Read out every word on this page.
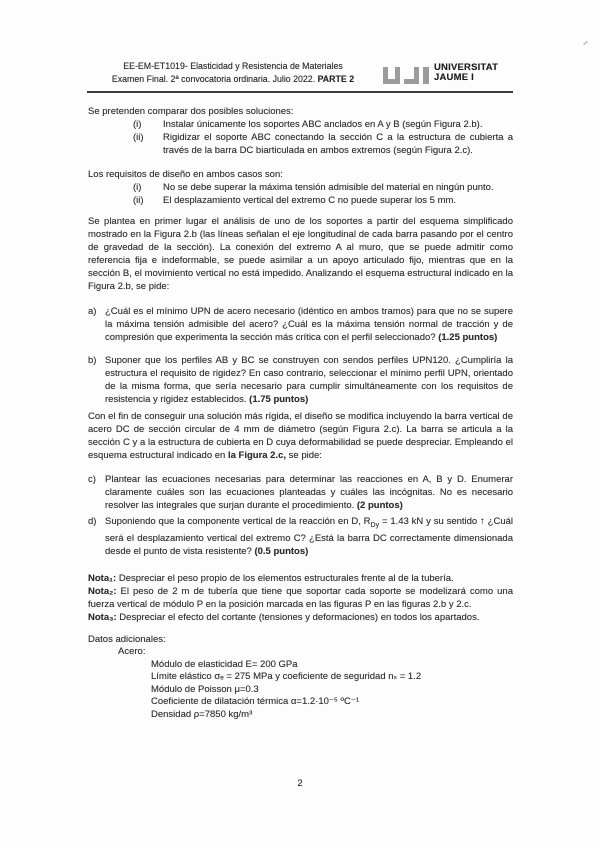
EE-EM-ET1019- Elasticidad y Resistencia de Materiales
Examen Final. 2ª convocatoria ordinaria. Julio 2022. PARTE 2
UNIVERSITAT
JAUME I
Se pretenden comparar dos posibles soluciones:
(i) Instalar únicamente los soportes ABC anclados en A y B (según Figura 2.b).
(ii) Rigidizar el soporte ABC conectando la sección C a la estructura de cubierta a través de la barra DC biarticulada en ambos extremos (según Figura 2.c).
Los requisitos de diseño en ambos casos son:
(i) No se debe superar la máxima tensión admisible del material en ningún punto.
(ii) El desplazamiento vertical del extremo C no puede superar los 5 mm.
Se plantea en primer lugar el análisis de uno de los soportes a partir del esquema simplificado mostrado en la Figura 2.b (las líneas señalan el eje longitudinal de cada barra pasando por el centro de gravedad de la sección). La conexión del extremo A al muro, que se puede admitir como referencia fija e indeformable, se puede asimilar a un apoyo articulado fijo, mientras que en la sección B, el movimiento vertical no está impedido. Analizando el esquema estructural indicado en la Figura 2.b, se pide:
a) ¿Cuál es el mínimo UPN de acero necesario (idéntico en ambos tramos) para que no se supere la máxima tensión admisible del acero? ¿Cuál es la máxima tensión normal de tracción y de compresión que experimenta la sección más crítica con el perfil seleccionado? (1.25 puntos)
b) Suponer que los perfiles AB y BC se construyen con sendos perfiles UPN120. ¿Cumpliría la estructura el requisito de rigidez? En caso contrario, seleccionar el mínimo perfil UPN, orientado de la misma forma, que sería necesario para cumplir simultáneamente con los requisitos de resistencia y rigidez establecidos. (1.75 puntos)
Con el fin de conseguir una solución más rígida, el diseño se modifica incluyendo la barra vertical de acero DC de sección circular de 4 mm de diámetro (según Figura 2.c). La barra se articula a la sección C y a la estructura de cubierta en D cuya deformabilidad se puede despreciar. Empleando el esquema estructural indicado en la Figura 2.c, se pide:
c) Plantear las ecuaciones necesarias para determinar las reacciones en A, B y D. Enumerar claramente cuáles son las ecuaciones planteadas y cuáles las incógnitas. No es necesario resolver las integrales que surjan durante el procedimiento. (2 puntos)
d) Suponiendo que la componente vertical de la reacción en D, $R_{Dy} = 1.43$ kN y su sentido ↑ ¿Cuál será el desplazamiento vertical del extremo C? ¿Está la barra DC correctamente dimensionada desde el punto de vista resistente? (0.5 puntos)
Nota₁: Despreciar el peso propio de los elementos estructurales frente al de la tubería.
Nota₂: El peso de 2 m de tubería que tiene que soportar cada soporte se modelizará como una fuerza vertical de módulo P en la posición marcada en las figuras P en las figuras 2.b y 2.c.
Nota₃: Despreciar el efecto del cortante (tensiones y deformaciones) en todos los apartados.
Datos adicionales:
Acero:
Módulo de elasticidad E= 200 GPa
Límite elástico σₑ = 275 MPa y coeficiente de seguridad nₛ = 1.2
Módulo de Poisson μ=0.3
Coeficiente de dilatación térmica α=1.2·10⁻⁵ ºC⁻¹
Densidad ρ=7850 kg/m³
2
